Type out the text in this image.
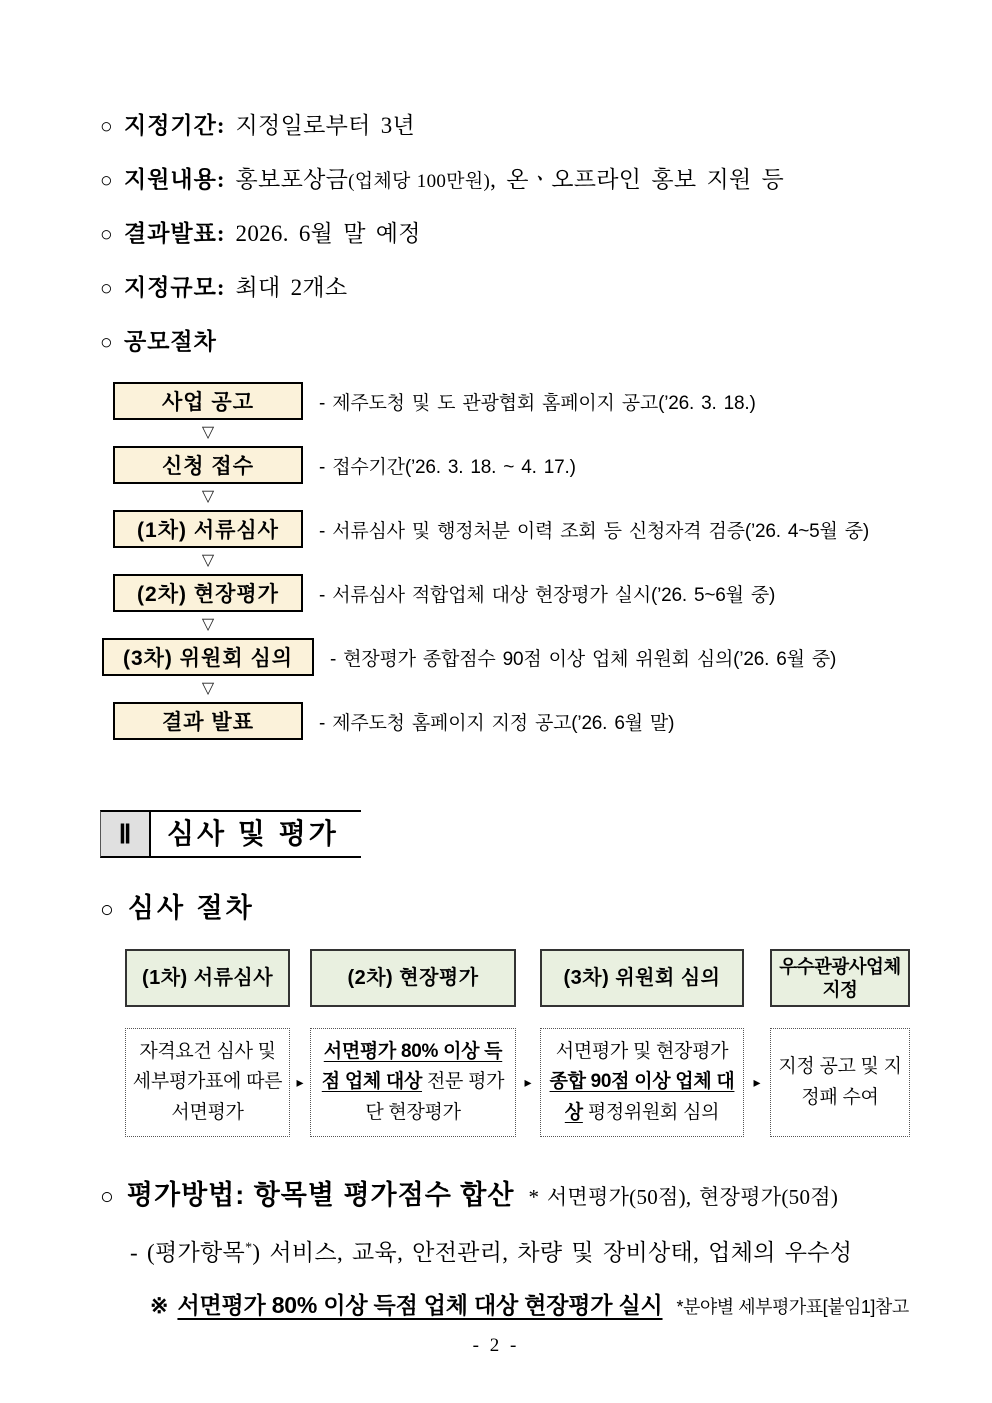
○ 지정기간: 지정일로부터 3년
○ 지원내용: 홍보포상금(업체당 100만원), 온ㆍ오프라인 홍보 지원 등
○ 결과발표: 2026. 6월 말 예정
○ 지정규모: 최대 2개소
○ 공모절차
사업 공고	- 제주도청 및 도 관광협회 홈페이지 공고(’26. 3. 18.)
▽
신청 접수	- 접수기간(’26. 3. 18. ~ 4. 17.)
▽
(1차) 서류심사	- 서류심사 및 행정처분 이력 조회 등 신청자격 검증(’26. 4~5월 중)
▽
(2차) 현장평가	- 서류심사 적합업체 대상 현장평가 실시(’26. 5~6월 중)
▽
(3차) 위원회 심의	- 현장평가 종합점수 90점 이상 업체 위원회 심의(’26. 6월 중)
▽
결과 발표	- 제주도청 홈페이지 지정 공고(’26. 6월 말)
Ⅱ	심사 및 평가
○ 심사 절차
(1차) 서류심사	(2차) 현장평가	(3차) 위원회 심의
우수관광사업체 지정
자격요건 심사 및 세부평가표에 따른 서면평가
▸
서면평가 80% 이상 득점 업체 대상 전문 평가단 현장평가
▸
서면평가 및 현장평가 종합 90점 이상 업체 대상 평정위원회 심의
▸
지정 공고 및 지정패 수여
○ 평가방법: 항목별 평가점수 합산 * 서면평가(50점), 현장평가(50점)
- (평가항목*) 서비스, 교육, 안전관리, 차량 및 장비상태, 업체의 우수성
※ 서면평가 80% 이상 득점 업체 대상 현장평가 실시 *분야별 세부평가표[붙임1]참고
- 2 -
